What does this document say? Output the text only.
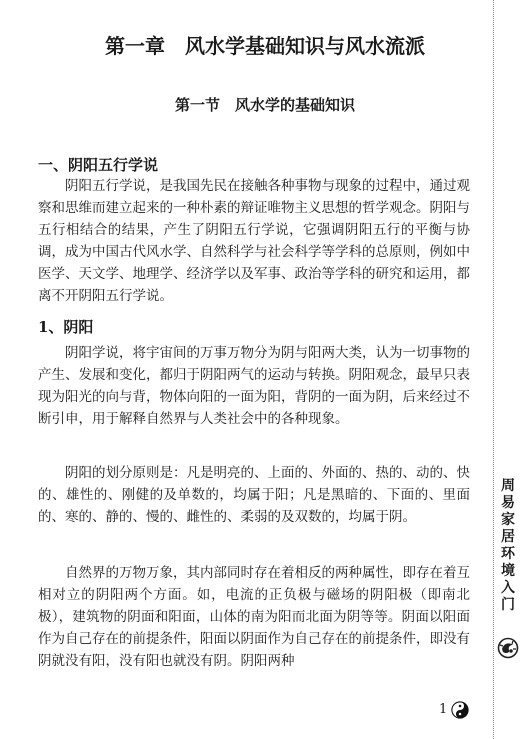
第一章　风水学基础知识与风水流派
第一节　风水学的基础知识
一、阴阳五行学说

阴阳五行学说，是我国先民在接触各种事物与现象的过程中，通过观察和思维而建立起来的一种朴素的辩证唯物主义思想的哲学观念。阴阳与五行相结合的结果，产生了阴阳五行学说，它强调阴阳五行的平衡与协调，成为中国古代风水学、自然科学与社会科学等学科的总原则，例如中医学、天文学、地理学、经济学以及军事、政治等学科的研究和运用，都离不开阴阳五行学说。

1、阴阳

阴阳学说，将宇宙间的万事万物分为阴与阳两大类，认为一切事物的产生、发展和变化，都归于阴阳两气的运动与转换。阴阳观念，最早只表现为阳光的向与背，物体向阳的一面为阳，背阴的一面为阴，后来经过不断引申，用于解释自然界与人类社会中的各种现象。

阴阳的划分原则是：凡是明亮的、上面的、外面的、热的、动的、快的、雄性的、刚健的及单数的，均属于阳；凡是黑暗的、下面的、里面的、寒的、静的、慢的、雌性的、柔弱的及双数的，均属于阴。

自然界的万物万象，其内部同时存在着相反的两种属性，即存在着互相对立的阴阳两个方面。如，电流的正负极与磁场的阴阳极（即南北极），建筑物的阴面和阳面，山体的南为阳而北面为阴等等。阴面以阳面作为自己存在的前提条件，阳面以阴面作为自己存在的前提条件，即没有阴就没有阳，没有阳也就没有阴。阴阳两种

周易家居环境入门
1
